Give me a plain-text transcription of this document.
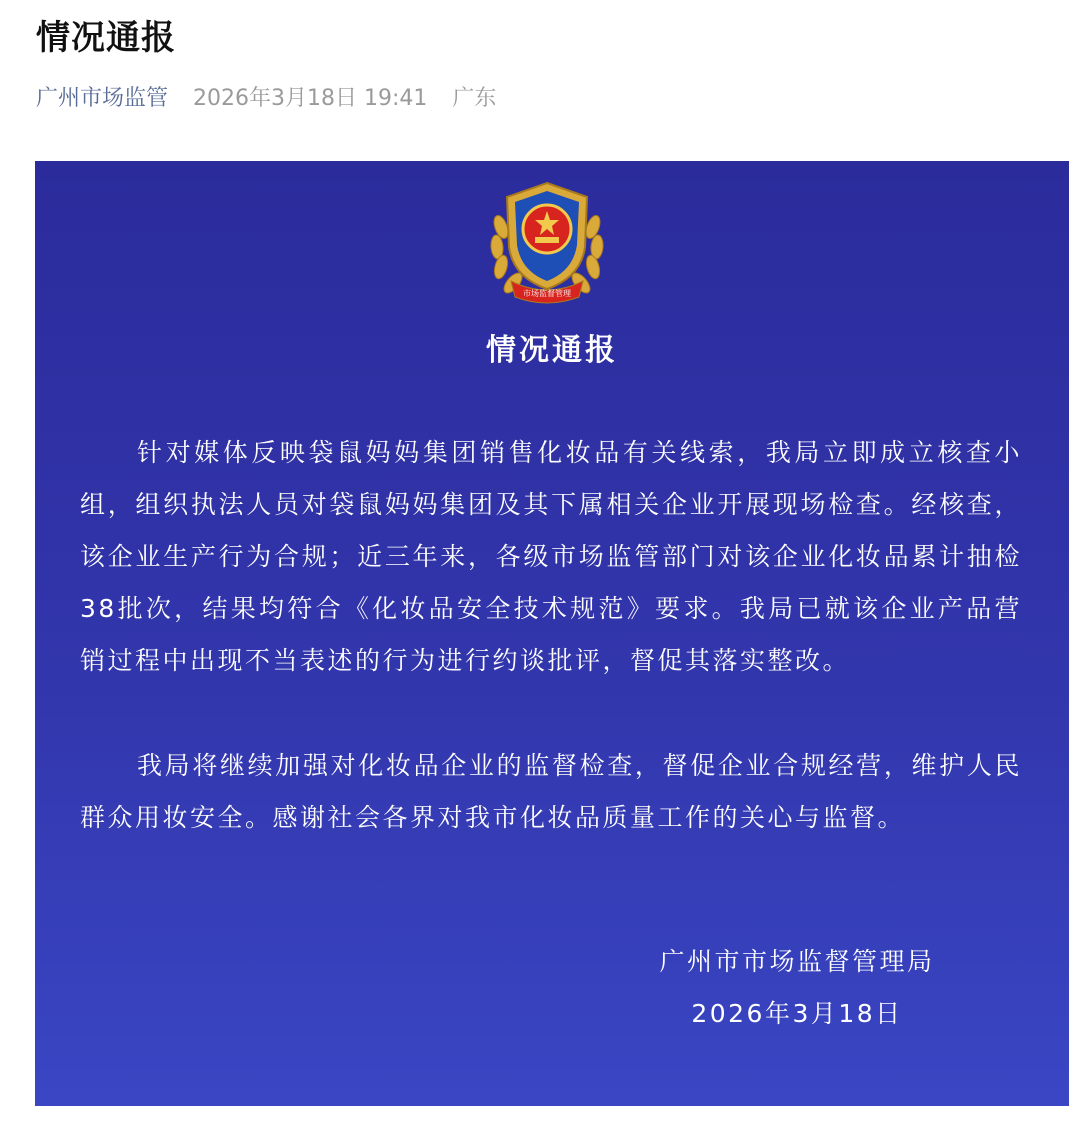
情况通报
广州市场监管 2026年3月18日 19:41 广东
市场监督管理
情况通报

针对媒体反映袋鼠妈妈集团销售化妆品有关线索，我局立即成立核查小组，组织执法人员对袋鼠妈妈集团及其下属相关企业开展现场检查。经核查，该企业生产行为合规；近三年来，各级市场监管部门对该企业化妆品累计抽检38批次，结果均符合《化妆品安全技术规范》要求。我局已就该企业产品营销过程中出现不当表述的行为进行约谈批评，督促其落实整改。

我局将继续加强对化妆品企业的监督检查，督促企业合规经营，维护人民群众用妆安全。感谢社会各界对我市化妆品质量工作的关心与监督。

广州市市场监督管理局
2026年3月18日
